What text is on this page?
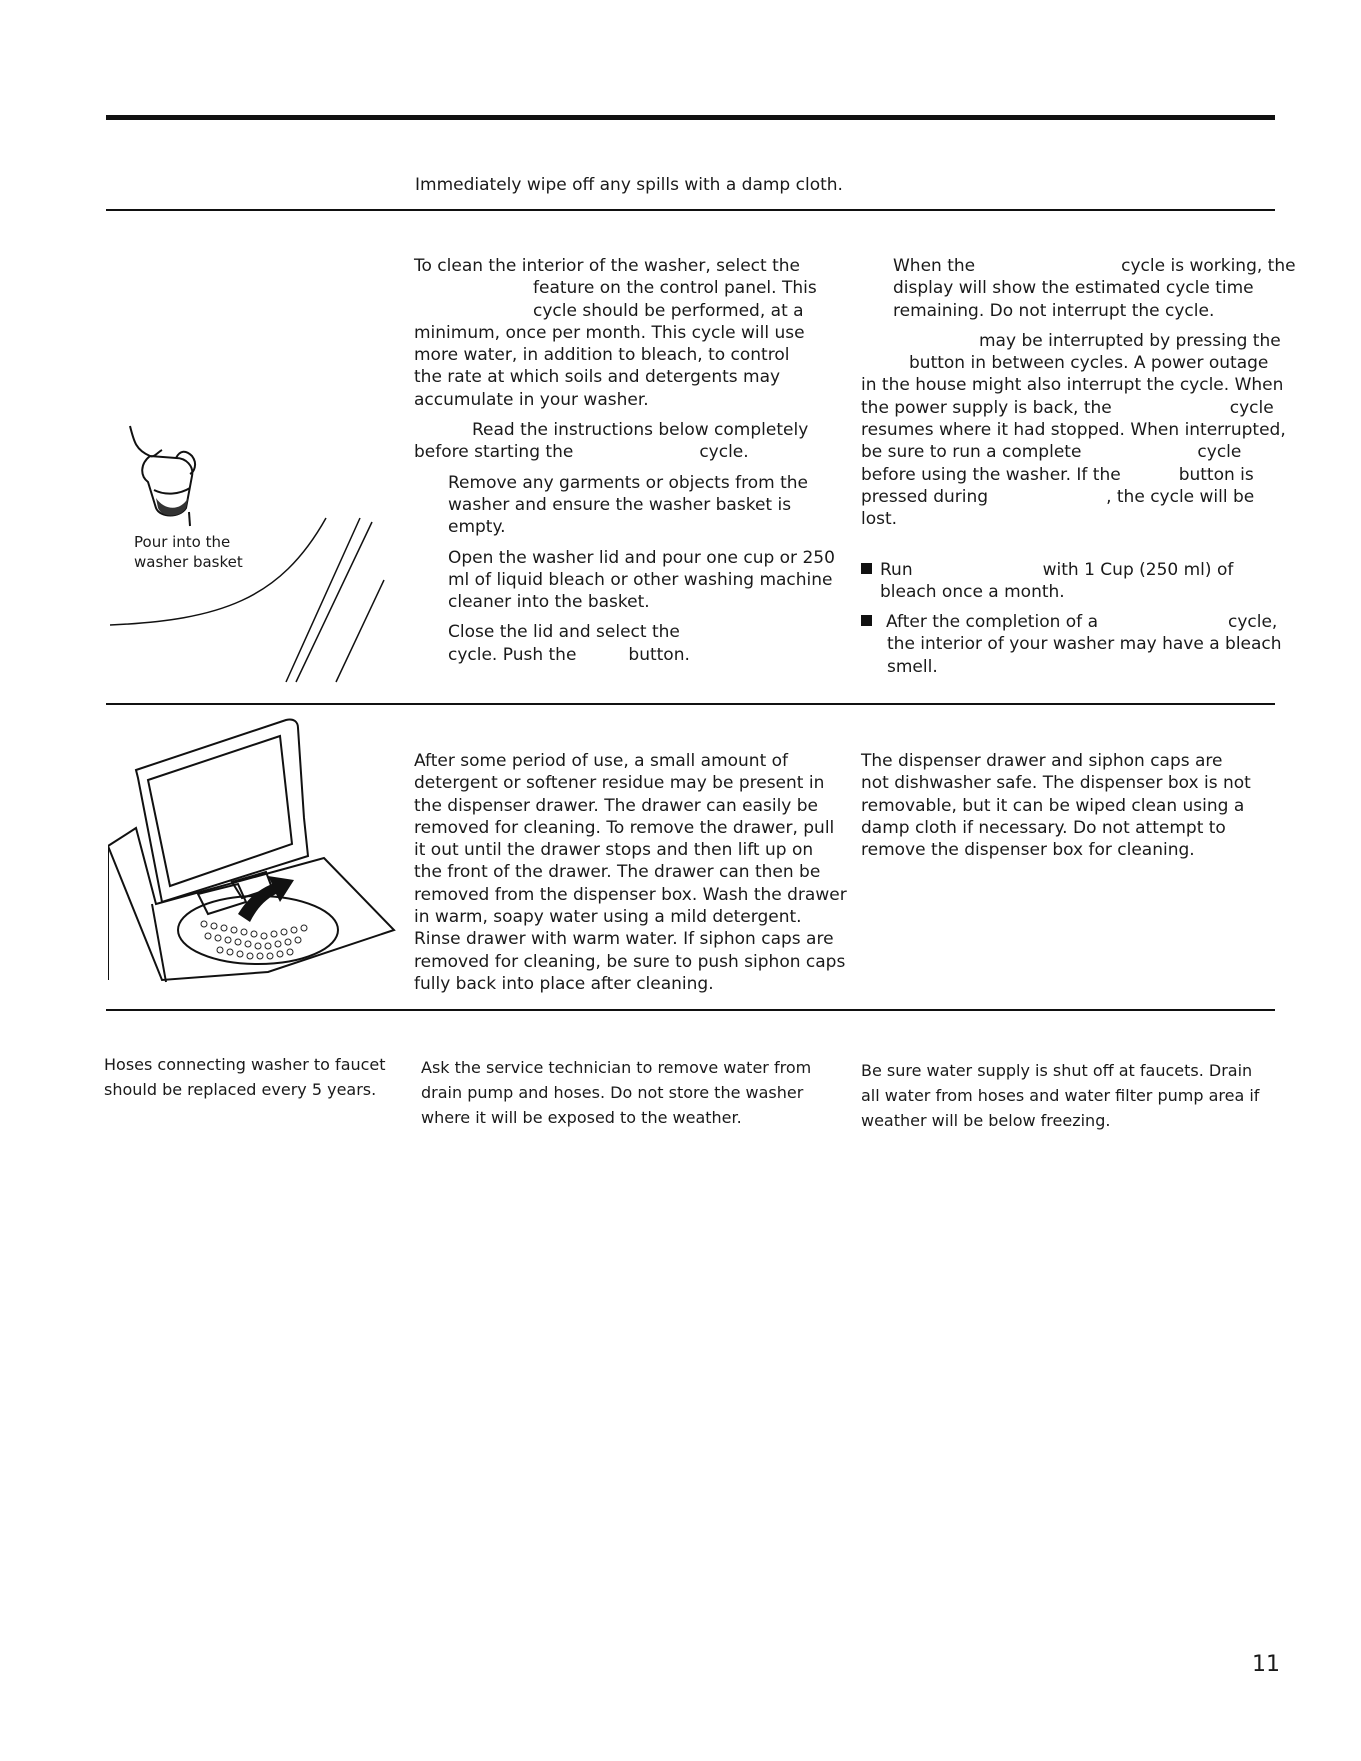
Immediately wipe off any spills with a damp cloth.
Pour into the
washer basket
To clean the interior of the washer, select the
feature on the control panel. This
cycle should be performed, at a
minimum, once per month. This cycle will use
more water, in addition to bleach, to control
the rate at which soils and detergents may
accumulate in your washer.
Read the instructions below completely
before starting the	cycle.
Remove any garments or objects from the
washer and ensure the washer basket is
empty.
Open the washer lid and pour one cup or 250
ml of liquid bleach or other washing machine
cleaner into the basket.
Close the lid and select the
cycle. Push the	button.
When the	cycle is working, the
display will show the estimated cycle time
remaining. Do not interrupt the cycle.
may be interrupted by pressing the
button in between cycles. A power outage
in the house might also interrupt the cycle. When
the power supply is back, the	cycle
resumes where it had stopped. When interrupted,
be sure to run a complete	cycle
before using the washer. If the	button is
pressed during	, the cycle will be
lost.
Run	with 1 Cup (250 ml) of
bleach once a month.
After the completion of a	cycle,
the interior of your washer may have a bleach
smell.
After some period of use, a small amount of
detergent or softener residue may be present in
the dispenser drawer. The drawer can easily be
removed for cleaning. To remove the drawer, pull
it out until the drawer stops and then lift up on
the front of the drawer. The drawer can then be
removed from the dispenser box. Wash the drawer
in warm, soapy water using a mild detergent.
Rinse drawer with warm water. If siphon caps are
removed for cleaning, be sure to push siphon caps
fully back into place after cleaning.
The dispenser drawer and siphon caps are
not dishwasher safe. The dispenser box is not
removable, but it can be wiped clean using a
damp cloth if necessary. Do not attempt to
remove the dispenser box for cleaning.
Hoses connecting washer to faucet
should be replaced every 5 years.
Ask the service technician to remove water from
drain pump and hoses. Do not store the washer
where it will be exposed to the weather.
Be sure water supply is shut off at faucets. Drain
all water from hoses and water filter pump area if
weather will be below freezing.
11
